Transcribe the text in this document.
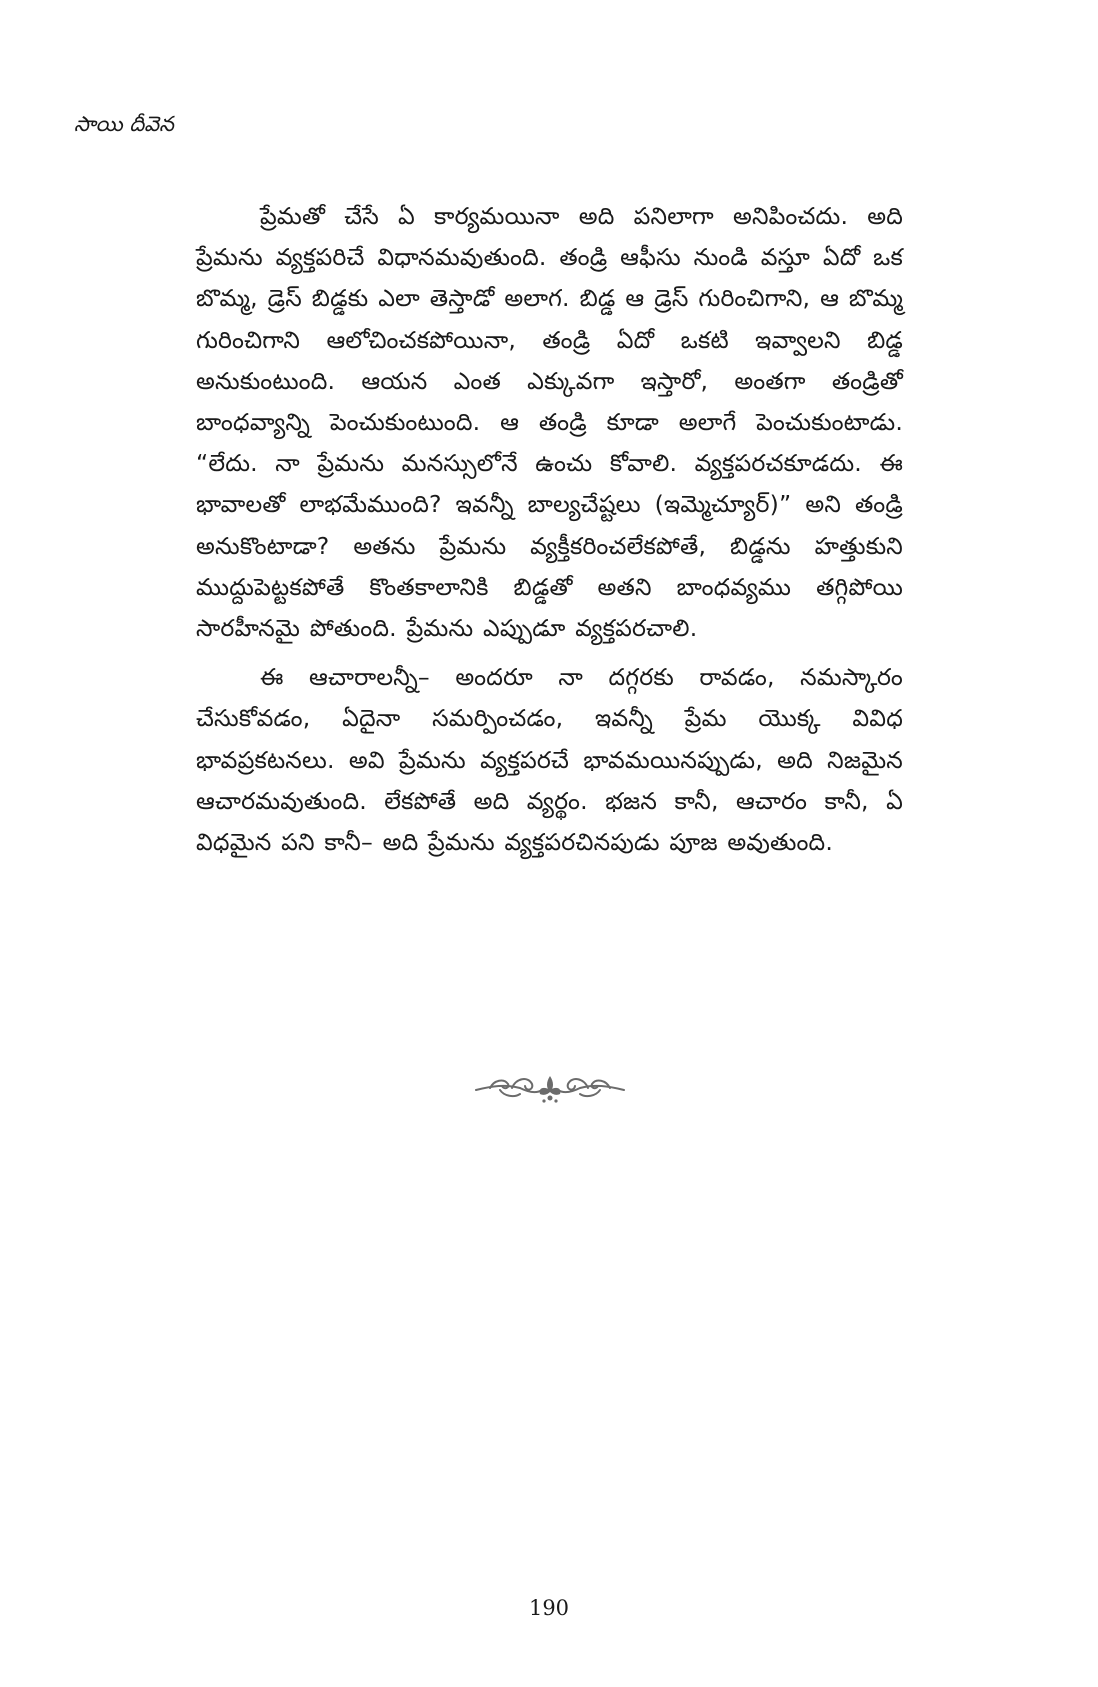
సాయి దీవెన

ప్రేమతో చేసే ఏ కార్యమయినా అది పనిలాగా అనిపించదు. అది ప్రేమను వ్యక్తపరిచే విధానమవుతుంది. తండ్రి ఆఫీసు నుండి వస్తూ ఏదో ఒక బొమ్మ, డ్రెస్ బిడ్డకు ఎలా తెస్తాడో అలాగ. బిడ్డ ఆ డ్రెస్ గురించిగాని, ఆ బొమ్మ గురించిగాని ఆలోచించకపోయినా, తండ్రి ఏదో ఒకటి ఇవ్వాలని బిడ్డ అనుకుంటుంది. ఆయన ఎంత ఎక్కువగా ఇస్తారో, అంతగా తండ్రితో బాంధవ్యాన్ని పెంచుకుంటుంది. ఆ తండ్రి కూడా అలాగే పెంచుకుంటాడు. “లేదు. నా ప్రేమను మనస్సులోనే ఉంచు కోవాలి. వ్యక్తపరచకూడదు. ఈ భావాలతో లాభమేముంది? ఇవన్నీ బాల్యచేష్టలు (ఇమ్మెచ్యూర్)” అని తండ్రి అనుకొంటాడా? అతను ప్రేమను వ్యక్తీకరించలేకపోతే, బిడ్డను హత్తుకుని ముద్దుపెట్టకపోతే కొంతకాలానికి బిడ్డతో అతని బాంధవ్యము తగ్గిపోయి సారహీనమై పోతుంది. ప్రేమను ఎప్పుడూ వ్యక్తపరచాలి.

ఈ ఆచారాలన్నీ– అందరూ నా దగ్గరకు రావడం, నమస్కారం చేసుకోవడం, ఏదైనా సమర్పించడం, ఇవన్నీ ప్రేమ యొక్క వివిధ భావప్రకటనలు. అవి ప్రేమను వ్యక్తపరచే భావమయినప్పుడు, అది నిజమైన ఆచారమవుతుంది. లేకపోతే అది వ్యర్థం. భజన కానీ, ఆచారం కానీ, ఏ విధమైన పని కానీ– అది ప్రేమను వ్యక్తపరచినపుడు పూజ అవుతుంది.

190
